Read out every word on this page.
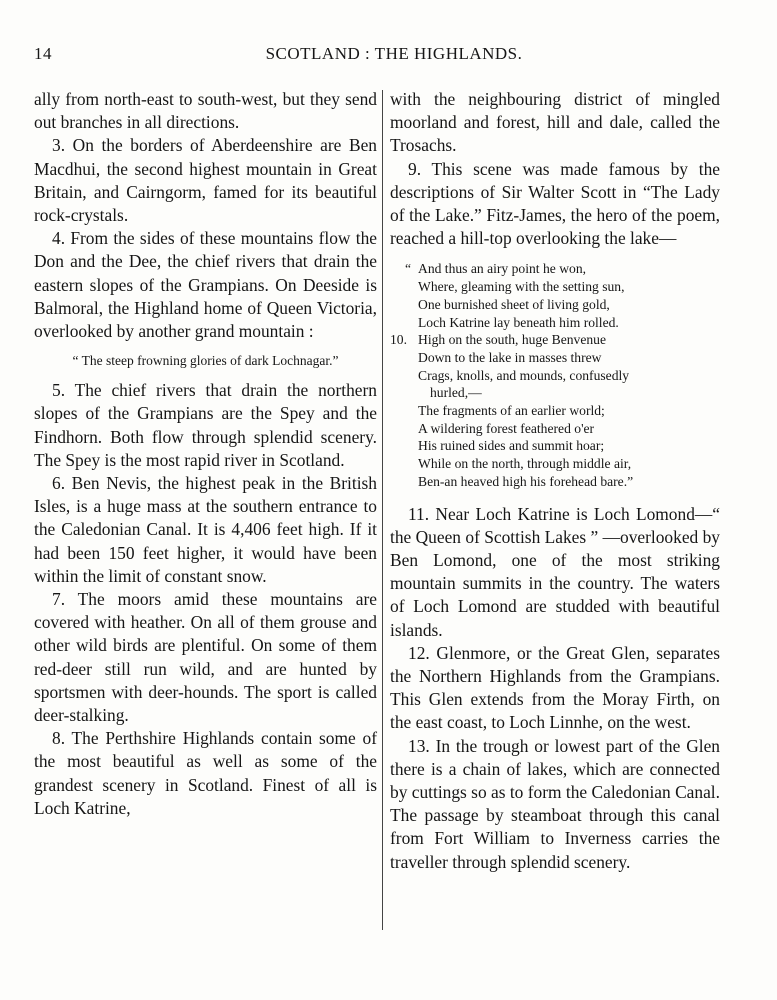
14	SCOTLAND : THE HIGHLANDS.

ally from north-east to south-west, but they send out branches in all directions.

3. On the borders of Aberdeenshire are Ben Macdhui, the second highest mountain in Great Britain, and Cairngorm, famed for its beautiful rock-crystals.

4. From the sides of these mountains flow the Don and the Dee, the chief rivers that drain the eastern slopes of the Grampians. On Deeside is Balmoral, the Highland home of Queen Victoria, overlooked by another grand mountain :

“ The steep frowning glories of dark Lochnagar.”

5. The chief rivers that drain the northern slopes of the Grampians are the Spey and the Findhorn. Both flow through splendid scenery. The Spey is the most rapid river in Scotland.

6. Ben Nevis, the highest peak in the British Isles, is a huge mass at the southern entrance to the Caledonian Canal. It is 4,406 feet high. If it had been 150 feet higher, it would have been within the limit of constant snow.

7. The moors amid these mountains are covered with heather. On all of them grouse and other wild birds are plentiful. On some of them red-deer still run wild, and are hunted by sportsmen with deer-hounds. The sport is called deer-stalking.

8. The Perthshire Highlands contain some of the most beautiful as well as some of the grandest scenery in Scotland. Finest of all is Loch Katrine,

with the neighbouring district of mingled moorland and forest, hill and dale, called the Trosachs.

9. This scene was made famous by the descriptions of Sir Walter Scott in “The Lady of the Lake.” Fitz-James, the hero of the poem, reached a hill-top overlooking the lake—

“ And thus an airy point he won,
Where, gleaming with the setting sun,
One burnished sheet of living gold,
Loch Katrine lay beneath him rolled.
10. High on the south, huge Benvenue
Down to the lake in masses threw
Crags, knolls, and mounds, confusedly
hurled,—
The fragments of an earlier world;
A wildering forest feathered o'er
His ruined sides and summit hoar;
While on the north, through middle air,
Ben-an heaved high his forehead bare.”

11. Near Loch Katrine is Loch Lomond—“ the Queen of Scottish Lakes ” —overlooked by Ben Lomond, one of the most striking mountain summits in the country. The waters of Loch Lomond are studded with beautiful islands.

12. Glenmore, or the Great Glen, separates the Northern Highlands from the Grampians. This Glen extends from the Moray Firth, on the east coast, to Loch Linnhe, on the west.

13. In the trough or lowest part of the Glen there is a chain of lakes, which are connected by cuttings so as to form the Caledonian Canal. The passage by steamboat through this canal from Fort William to Inverness carries the traveller through splendid scenery.
